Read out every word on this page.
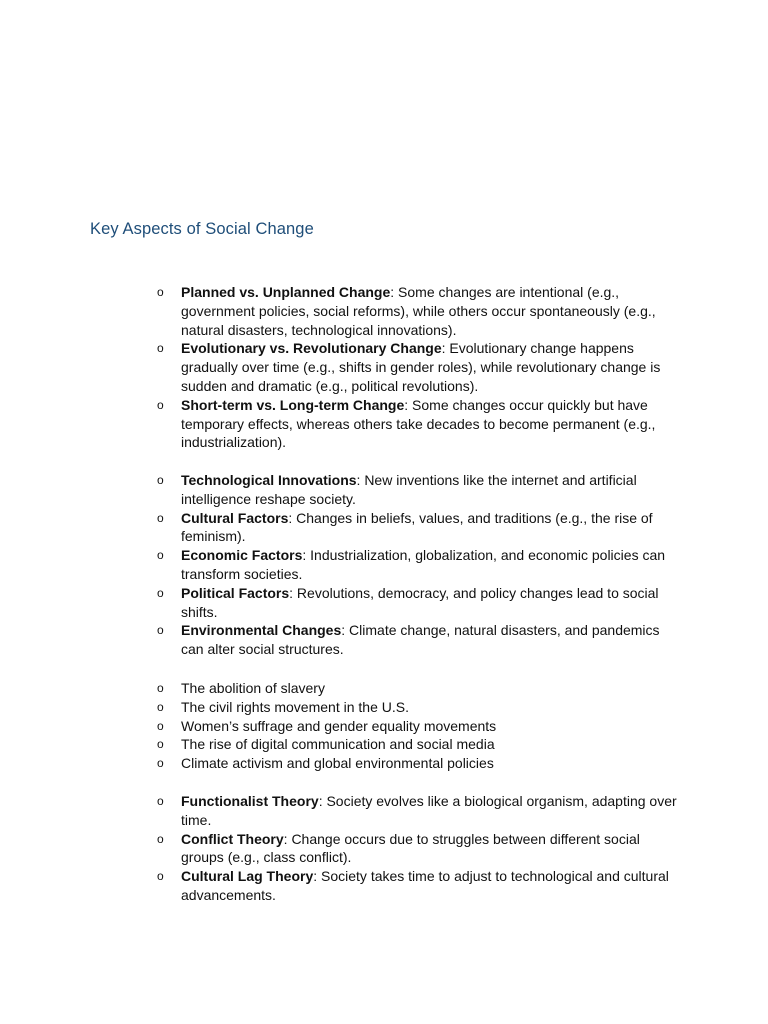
Key Aspects of Social Change
o Planned vs. Unplanned Change: Some changes are intentional (e.g., government policies, social reforms), while others occur spontaneously (e.g., natural disasters, technological innovations).
o Evolutionary vs. Revolutionary Change: Evolutionary change happens gradually over time (e.g., shifts in gender roles), while revolutionary change is sudden and dramatic (e.g., political revolutions).
o Short-term vs. Long-term Change: Some changes occur quickly but have temporary effects, whereas others take decades to become permanent (e.g., industrialization).
o Technological Innovations: New inventions like the internet and artificial intelligence reshape society.
o Cultural Factors: Changes in beliefs, values, and traditions (e.g., the rise of feminism).
o Economic Factors: Industrialization, globalization, and economic policies can transform societies.
o Political Factors: Revolutions, democracy, and policy changes lead to social shifts.
o Environmental Changes: Climate change, natural disasters, and pandemics can alter social structures.
o The abolition of slavery
o The civil rights movement in the U.S.
o Women’s suffrage and gender equality movements
o The rise of digital communication and social media
o Climate activism and global environmental policies
o Functionalist Theory: Society evolves like a biological organism, adapting over time.
o Conflict Theory: Change occurs due to struggles between different social groups (e.g., class conflict).
o Cultural Lag Theory: Society takes time to adjust to technological and cultural advancements.
